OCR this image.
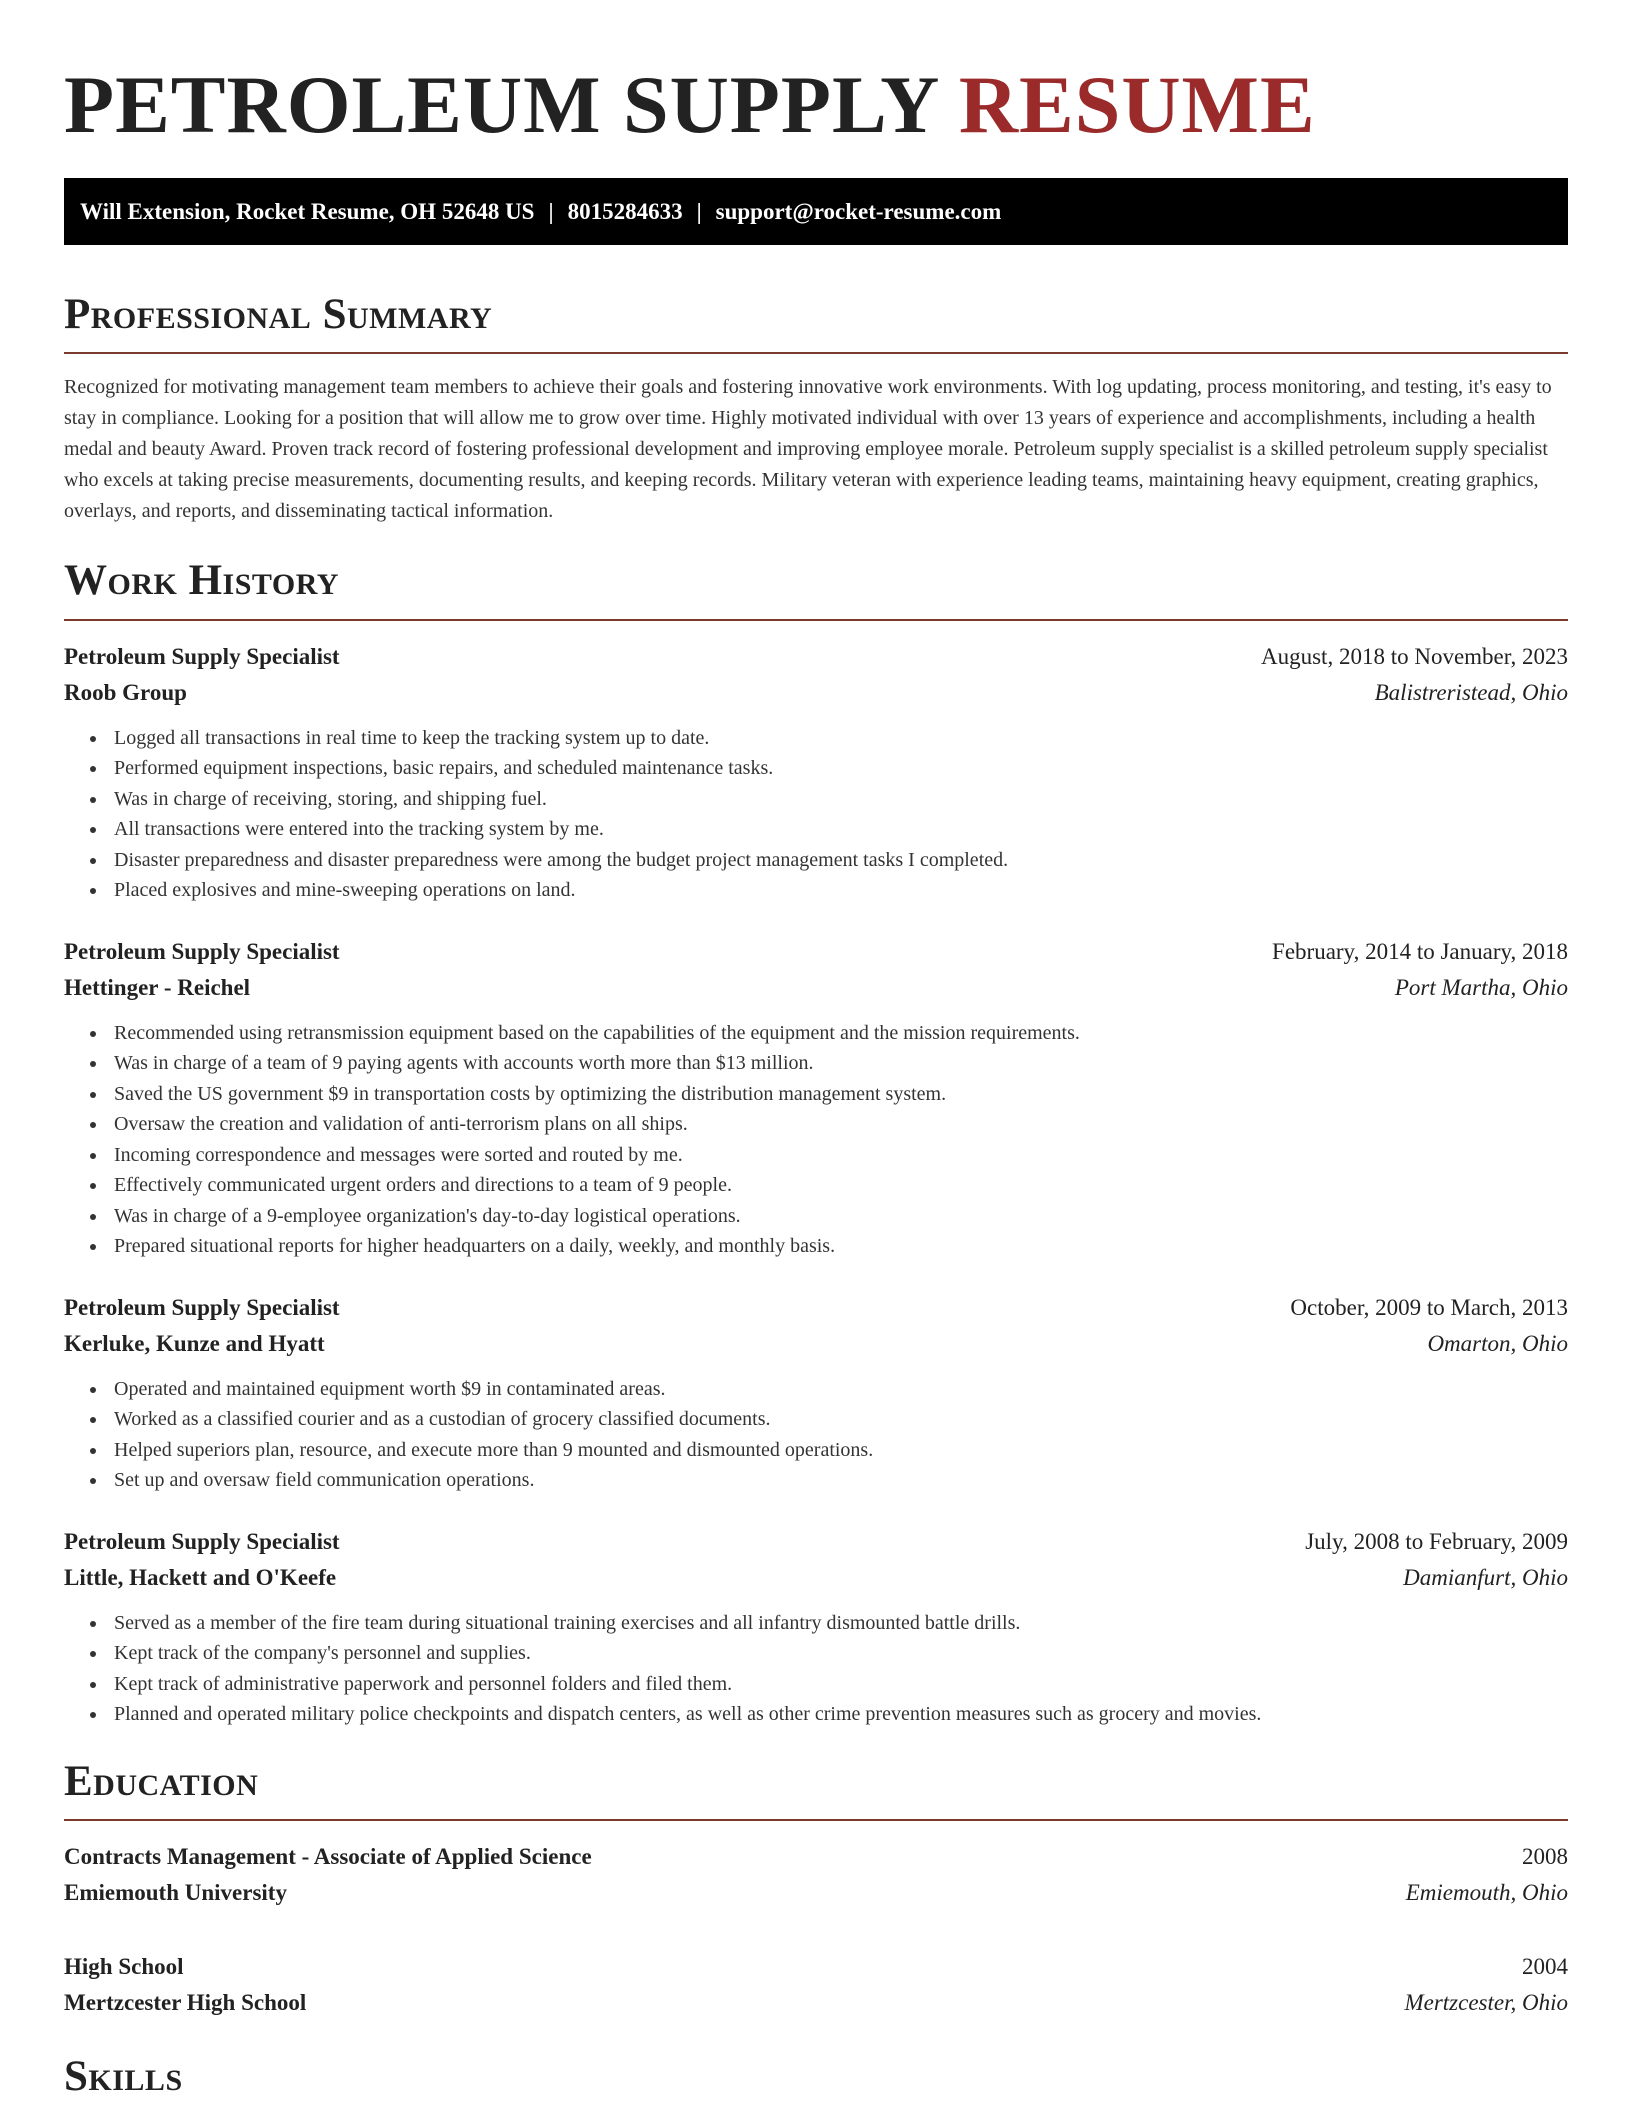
PETROLEUM SUPPLY RESUME
Will Extension, Rocket Resume, OH 52648 US | 8015284633 | support@rocket-resume.com
Professional Summary

Recognized for motivating management team members to achieve their goals and fostering innovative work environments. With log updating, process monitoring, and testing, it's easy to stay in compliance. Looking for a position that will allow me to grow over time. Highly motivated individual with over 13 years of experience and accomplishments, including a health medal and beauty Award. Proven track record of fostering professional development and improving employee morale. Petroleum supply specialist is a skilled petroleum supply specialist who excels at taking precise measurements, documenting results, and keeping records. Military veteran with experience leading teams, maintaining heavy equipment, creating graphics, overlays, and reports, and disseminating tactical information.

Work History
Petroleum Supply Specialist	August, 2018 to November, 2023
Roob Group	Balistreristead, Ohio
• Logged all transactions in real time to keep the tracking system up to date.
• Performed equipment inspections, basic repairs, and scheduled maintenance tasks.
• Was in charge of receiving, storing, and shipping fuel.
• All transactions were entered into the tracking system by me.
• Disaster preparedness and disaster preparedness were among the budget project management tasks I completed.
• Placed explosives and mine-sweeping operations on land.
Petroleum Supply Specialist	February, 2014 to January, 2018
Hettinger - Reichel	Port Martha, Ohio
• Recommended using retransmission equipment based on the capabilities of the equipment and the mission requirements.
• Was in charge of a team of 9 paying agents with accounts worth more than $13 million.
• Saved the US government $9 in transportation costs by optimizing the distribution management system.
• Oversaw the creation and validation of anti-terrorism plans on all ships.
• Incoming correspondence and messages were sorted and routed by me.
• Effectively communicated urgent orders and directions to a team of 9 people.
• Was in charge of a 9-employee organization's day-to-day logistical operations.
• Prepared situational reports for higher headquarters on a daily, weekly, and monthly basis.
Petroleum Supply Specialist	October, 2009 to March, 2013
Kerluke, Kunze and Hyatt	Omarton, Ohio
• Operated and maintained equipment worth $9 in contaminated areas.
• Worked as a classified courier and as a custodian of grocery classified documents.
• Helped superiors plan, resource, and execute more than 9 mounted and dismounted operations.
• Set up and oversaw field communication operations.
Petroleum Supply Specialist	July, 2008 to February, 2009
Little, Hackett and O'Keefe	Damianfurt, Ohio
• Served as a member of the fire team during situational training exercises and all infantry dismounted battle drills.
• Kept track of the company's personnel and supplies.
• Kept track of administrative paperwork and personnel folders and filed them.
• Planned and operated military police checkpoints and dispatch centers, as well as other crime prevention measures such as grocery and movies.
Education
Contracts Management - Associate of Applied Science	2008
Emiemouth University	Emiemouth, Ohio
High School	2004
Mertzcester High School	Mertzcester, Ohio
Skills
